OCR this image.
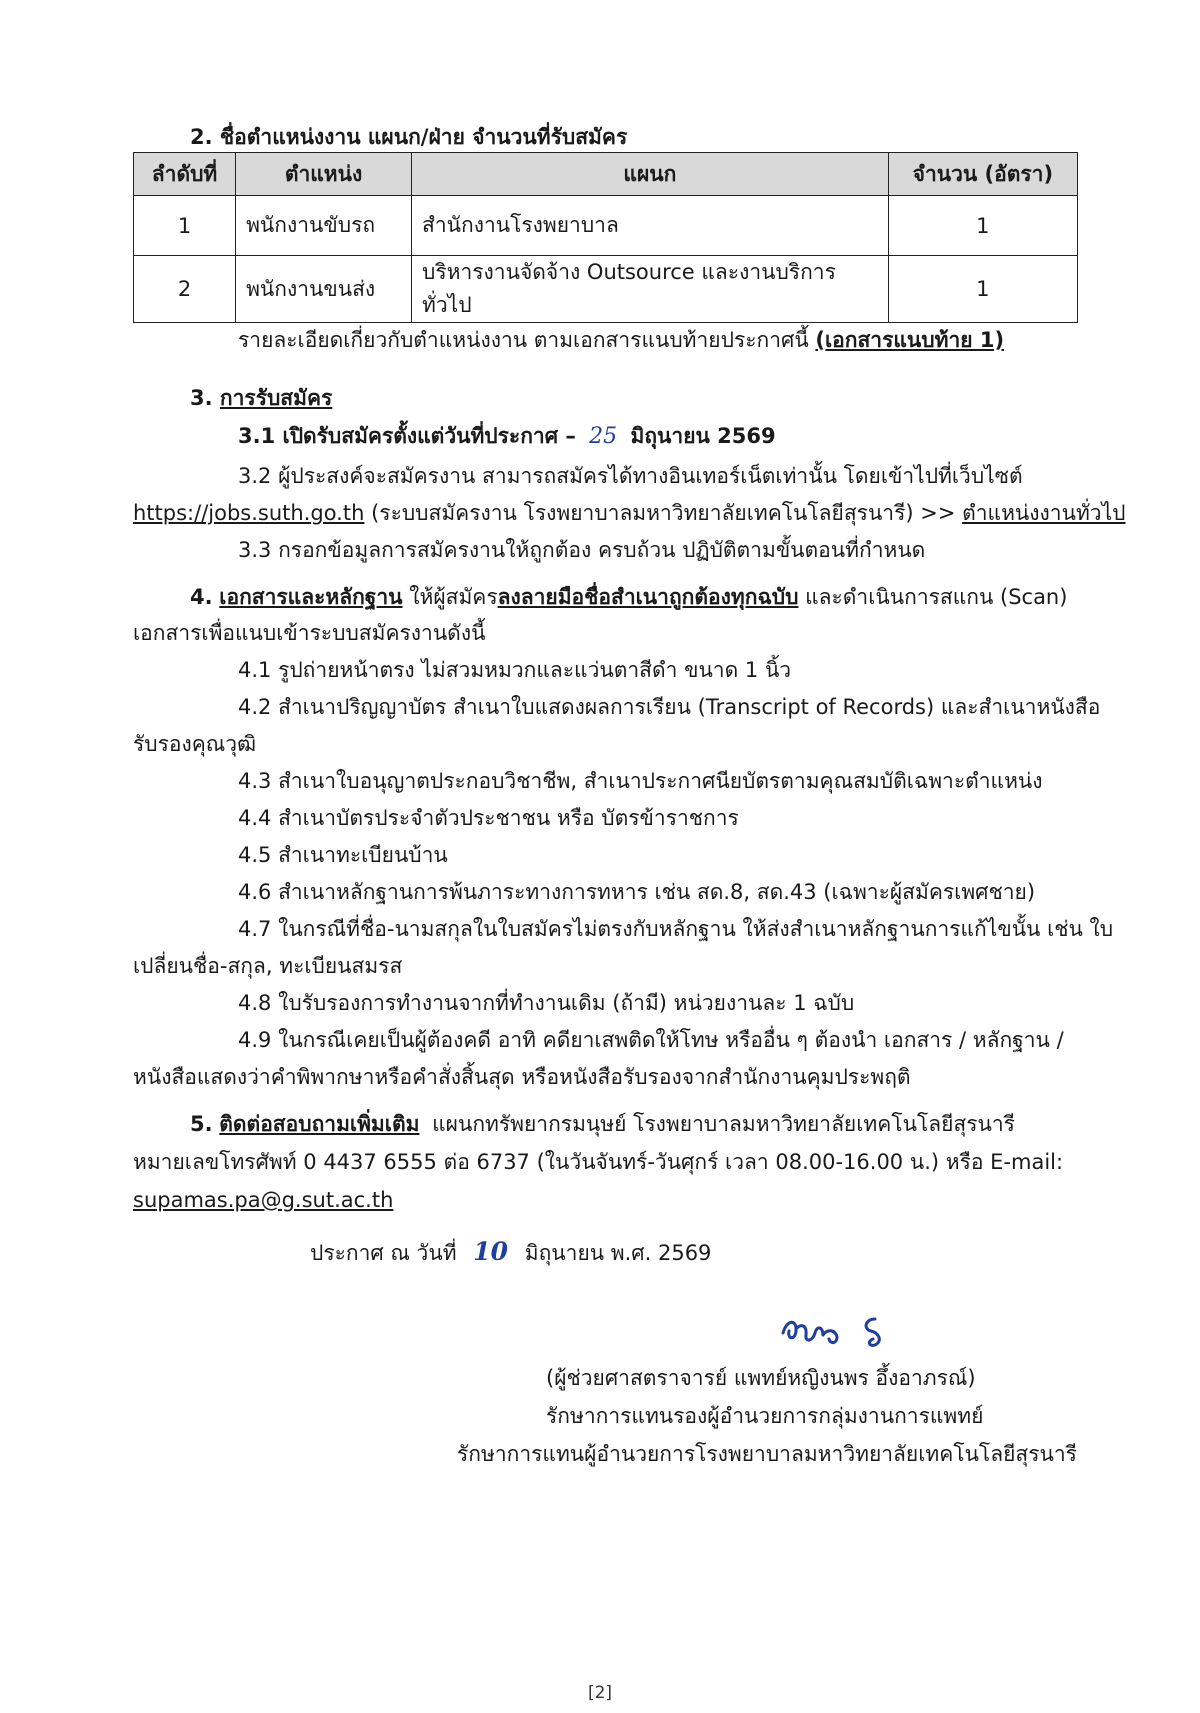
2. ชื่อตำแหน่งงาน แผนก/ฝ่าย จำนวนที่รับสมัคร
ลำดับที่	ตำแหน่ง	แผนก	จำนวน (อัตรา)
1	พนักงานขับรถ	สำนักงานโรงพยาบาล	1
2	พนักงานขนส่ง	บริหารงานจัดจ้าง Outsource และงานบริการทั่วไป	1
รายละเอียดเกี่ยวกับตำแหน่งงาน ตามเอกสารแนบท้ายประกาศนี้ (เอกสารแนบท้าย 1)
3. การรับสมัคร
3.1 เปิดรับสมัครตั้งแต่วันที่ประกาศ – 25 มิถุนายน 2569
3.2 ผู้ประสงค์จะสมัครงาน สามารถสมัครได้ทางอินเทอร์เน็ตเท่านั้น โดยเข้าไปที่เว็บไซต์
https://jobs.suth.go.th (ระบบสมัครงาน โรงพยาบาลมหาวิทยาลัยเทคโนโลยีสุรนารี) >> ตำแหน่งงานทั่วไป
3.3 กรอกข้อมูลการสมัครงานให้ถูกต้อง ครบถ้วน ปฏิบัติตามขั้นตอนที่กำหนด
4. เอกสารและหลักฐาน ให้ผู้สมัครลงลายมือชื่อสำเนาถูกต้องทุกฉบับ และดำเนินการสแกน (Scan)
เอกสารเพื่อแนบเข้าระบบสมัครงานดังนี้
4.1 รูปถ่ายหน้าตรง ไม่สวมหมวกและแว่นตาสีดำ ขนาด 1 นิ้ว
4.2 สำเนาปริญญาบัตร สำเนาใบแสดงผลการเรียน (Transcript of Records) และสำเนาหนังสือ
รับรองคุณวุฒิ
4.3 สำเนาใบอนุญาตประกอบวิชาชีพ, สำเนาประกาศนียบัตรตามคุณสมบัติเฉพาะตำแหน่ง
4.4 สำเนาบัตรประจำตัวประชาชน หรือ บัตรข้าราชการ
4.5 สำเนาทะเบียนบ้าน
4.6 สำเนาหลักฐานการพ้นภาระทางการทหาร เช่น สด.8, สด.43 (เฉพาะผู้สมัครเพศชาย)
4.7 ในกรณีที่ชื่อ-นามสกุลในใบสมัครไม่ตรงกับหลักฐาน ให้ส่งสำเนาหลักฐานการแก้ไขนั้น เช่น ใบ
เปลี่ยนชื่อ-สกุล, ทะเบียนสมรส
4.8 ใบรับรองการทำงานจากที่ทำงานเดิม (ถ้ามี) หน่วยงานละ 1 ฉบับ
4.9 ในกรณีเคยเป็นผู้ต้องคดี อาทิ คดียาเสพติดให้โทษ หรืออื่น ๆ ต้องนำ เอกสาร / หลักฐาน /
หนังสือแสดงว่าคำพิพากษาหรือคำสั่งสิ้นสุด หรือหนังสือรับรองจากสำนักงานคุมประพฤติ
5. ติดต่อสอบถามเพิ่มเติม แผนกทรัพยากรมนุษย์ โรงพยาบาลมหาวิทยาลัยเทคโนโลยีสุรนารี
หมายเลขโทรศัพท์ 0 4437 6555 ต่อ 6737 (ในวันจันทร์-วันศุกร์ เวลา 08.00-16.00 น.) หรือ E-mail:
supamas.pa@g.sut.ac.th
ประกาศ ณ วันที่ 10 มิถุนายน พ.ศ. 2569
(ผู้ช่วยศาสตราจารย์ แพทย์หญิงนพร อึ้งอาภรณ์)
รักษาการแทนรองผู้อำนวยการกลุ่มงานการแพทย์
รักษาการแทนผู้อำนวยการโรงพยาบาลมหาวิทยาลัยเทคโนโลยีสุรนารี
[2]
